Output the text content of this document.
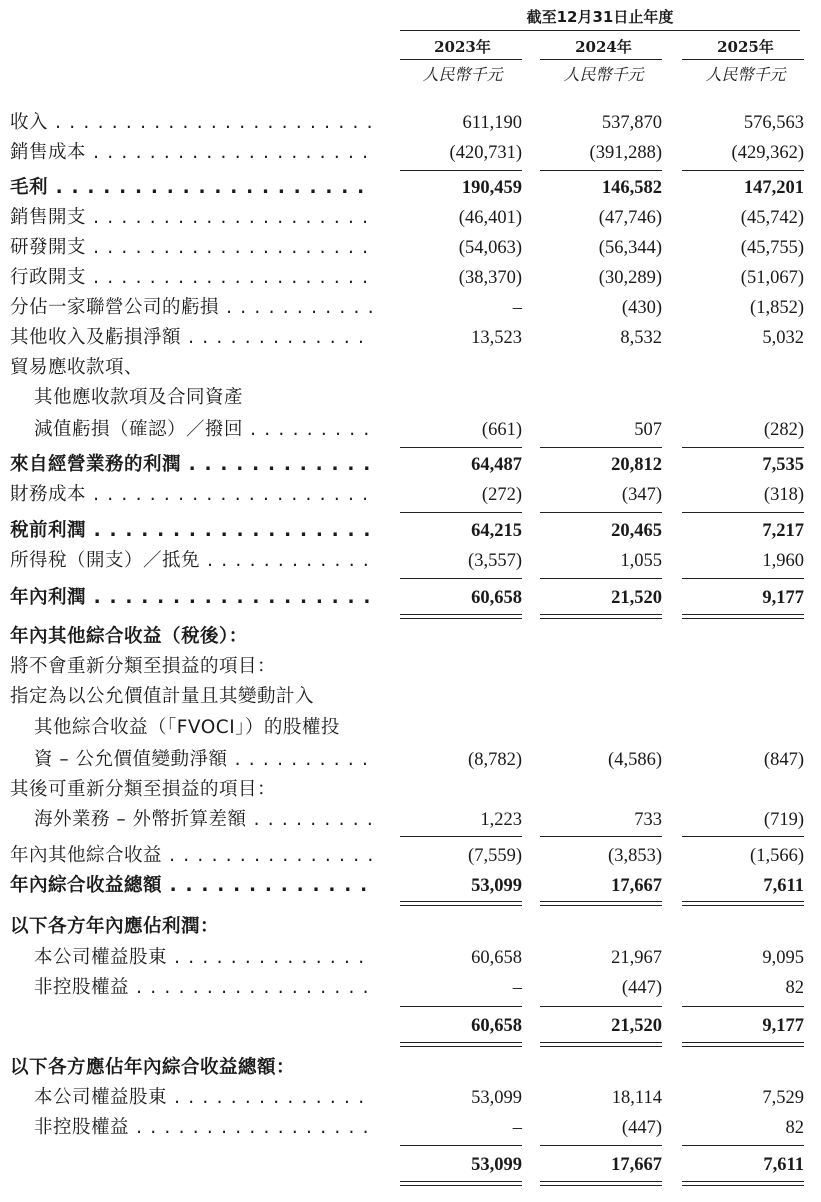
截至12月31日止年度
2023年	2024年	2025年
人民幣千元	人民幣千元	人民幣千元
收入 . . .	611,190	537,870	576,563
銷售成本 . . .	(420,731)	(391,288)	(429,362)
毛利 . . .	190,459	146,582	147,201
銷售開支 . . .	(46,401)	(47,746)	(45,742)
研發開支 . . .	(54,063)	(56,344)	(45,755)
行政開支 . . .	(38,370)	(30,289)	(51,067)
分佔一家聯營公司的虧損 . . .	–	(430)	(1,852)
其他收入及虧損淨額 . . .	13,523	8,532	5,032
貿易應收款項、
其他應收款項及合同資產
減值虧損（確認）／撥回 . . .	(661)	507	(282)
來自經營業務的利潤 . . .	64,487	20,812	7,535
財務成本 . . .	(272)	(347)	(318)
稅前利潤 . . .	64,215	20,465	7,217
所得稅（開支）／抵免 . . .	(3,557)	1,055	1,960
年內利潤 . . .	60,658	21,520	9,177
年內其他綜合收益（稅後）：
將不會重新分類至損益的項目：
指定為以公允價值計量且其變動計入
其他綜合收益（「FVOCI」）的股權投
資 – 公允價值變動淨額 . . .	(8,782)	(4,586)	(847)
其後可重新分類至損益的項目：
海外業務 – 外幣折算差額 . . .	1,223	733	(719)
年內其他綜合收益 . . .	(7,559)	(3,853)	(1,566)
年內綜合收益總額 . . .	53,099	17,667	7,611
以下各方年內應佔利潤：
本公司權益股東 . . .	60,658	21,967	9,095
非控股權益 . . .	–	(447)	82
60,658	21,520	9,177
以下各方應佔年內綜合收益總額：
本公司權益股東 . . .	53,099	18,114	7,529
非控股權益 . . .	–	(447)	82
53,099	17,667	7,611
